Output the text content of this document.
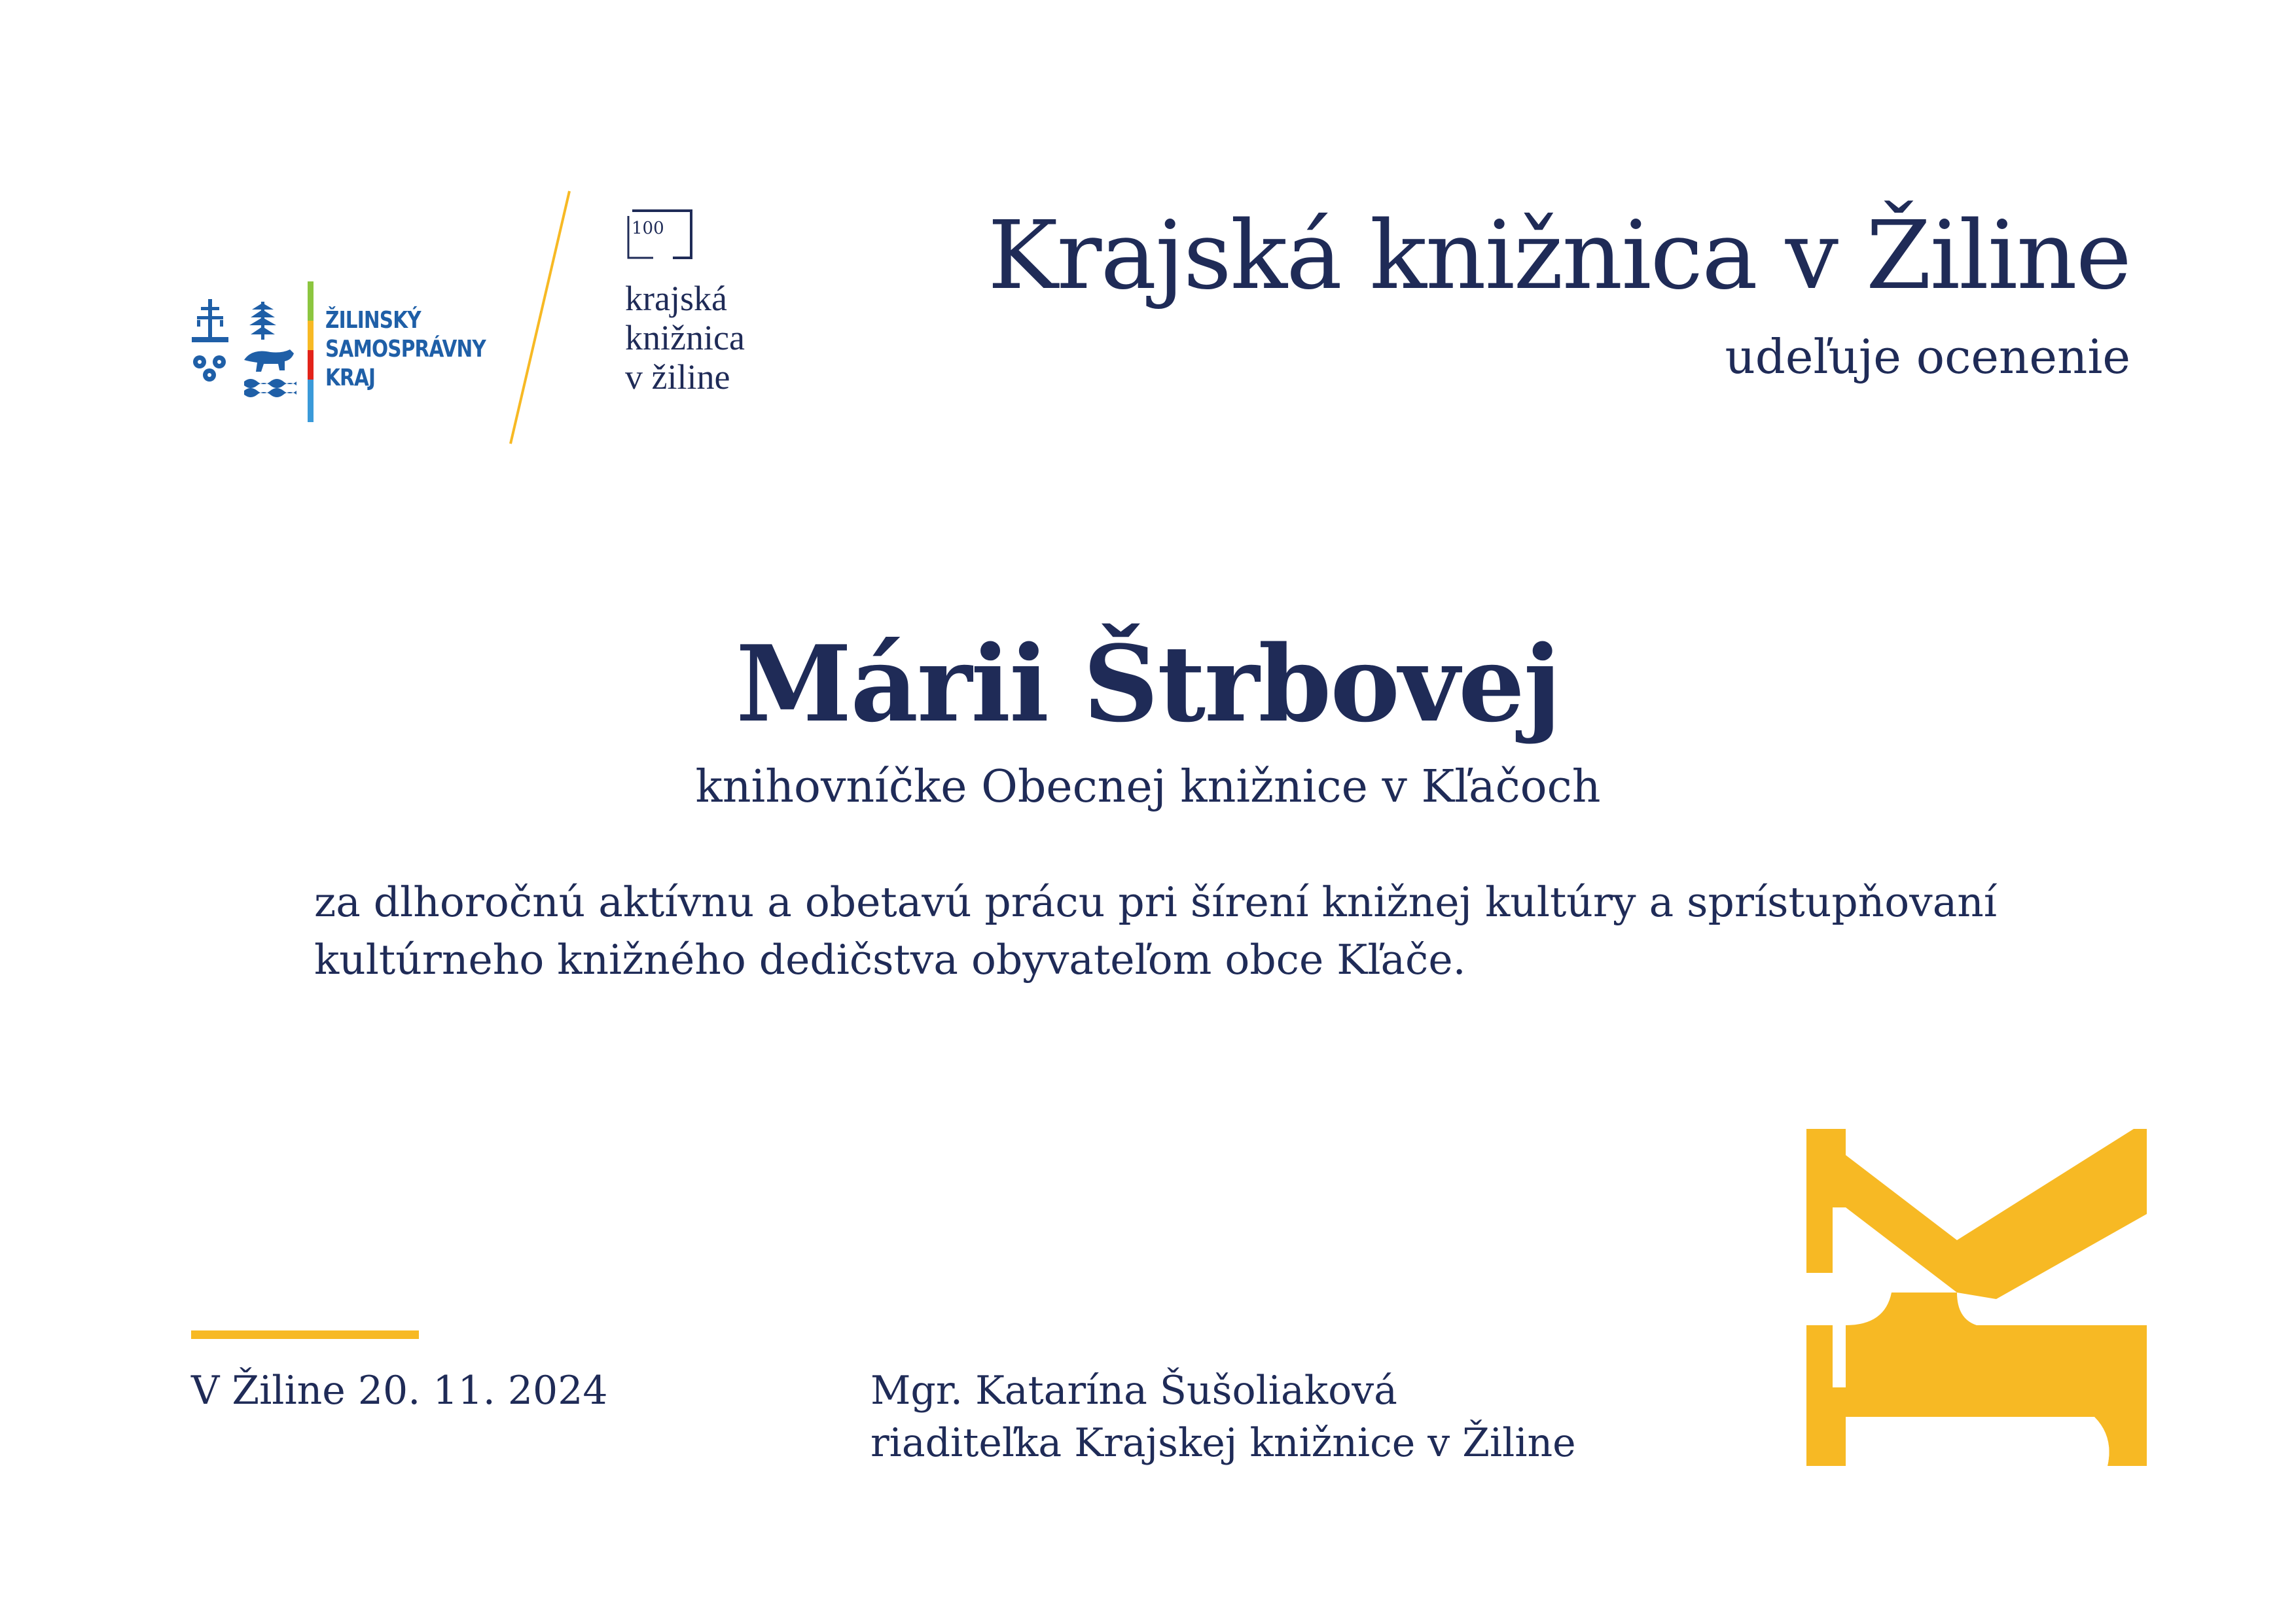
ŽILINSKÝ
SAMOSPRÁVNY
KRAJ
100
krajská
knižnica
v žiline
Krajská knižnica v Žiline
udeľuje ocenenie
Márii Štrbovej
knihovníčke Obecnej knižnice v Kľačoch
za dlhoročnú aktívnu a obetavú prácu pri šírení knižnej kultúry a sprístupňovaní
kultúrneho knižného dedičstva obyvateľom obce Kľače.
V Žiline 20. 11. 2024	Mgr. Katarína Šušoliaková
riaditeľka Krajskej knižnice v Žiline
